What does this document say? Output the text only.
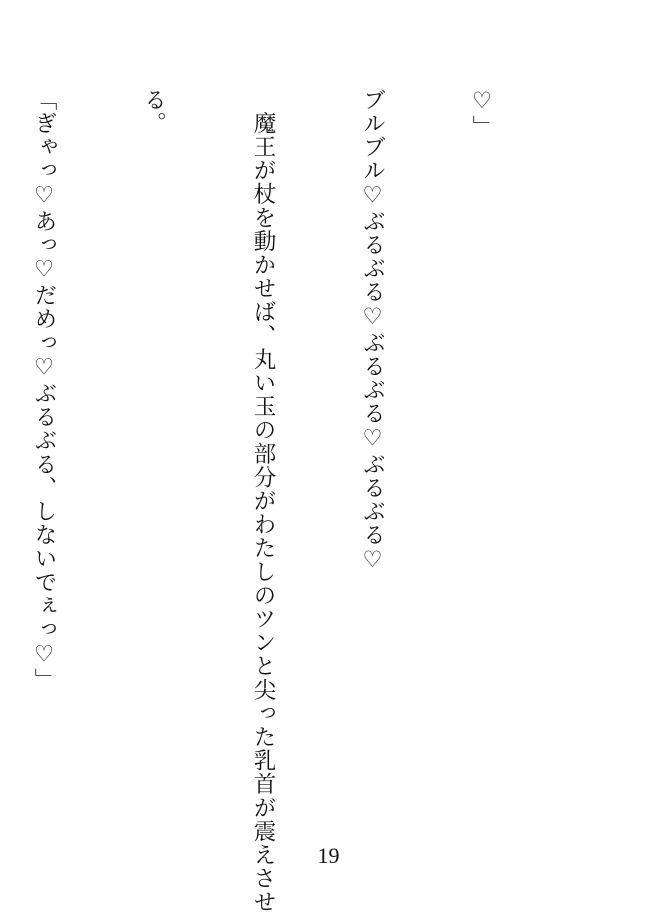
♡」

ブルブル♡ぶるぶる♡ぶるぶる♡ぶるぶる♡

　魔王が杖を動かせば、丸い玉の部分がわたしのツンと尖った乳首が震えさせ

る。

「ぎゃっ♡あっ♡だめっ♡ぶるぶる、しないでぇっ♡」

19
